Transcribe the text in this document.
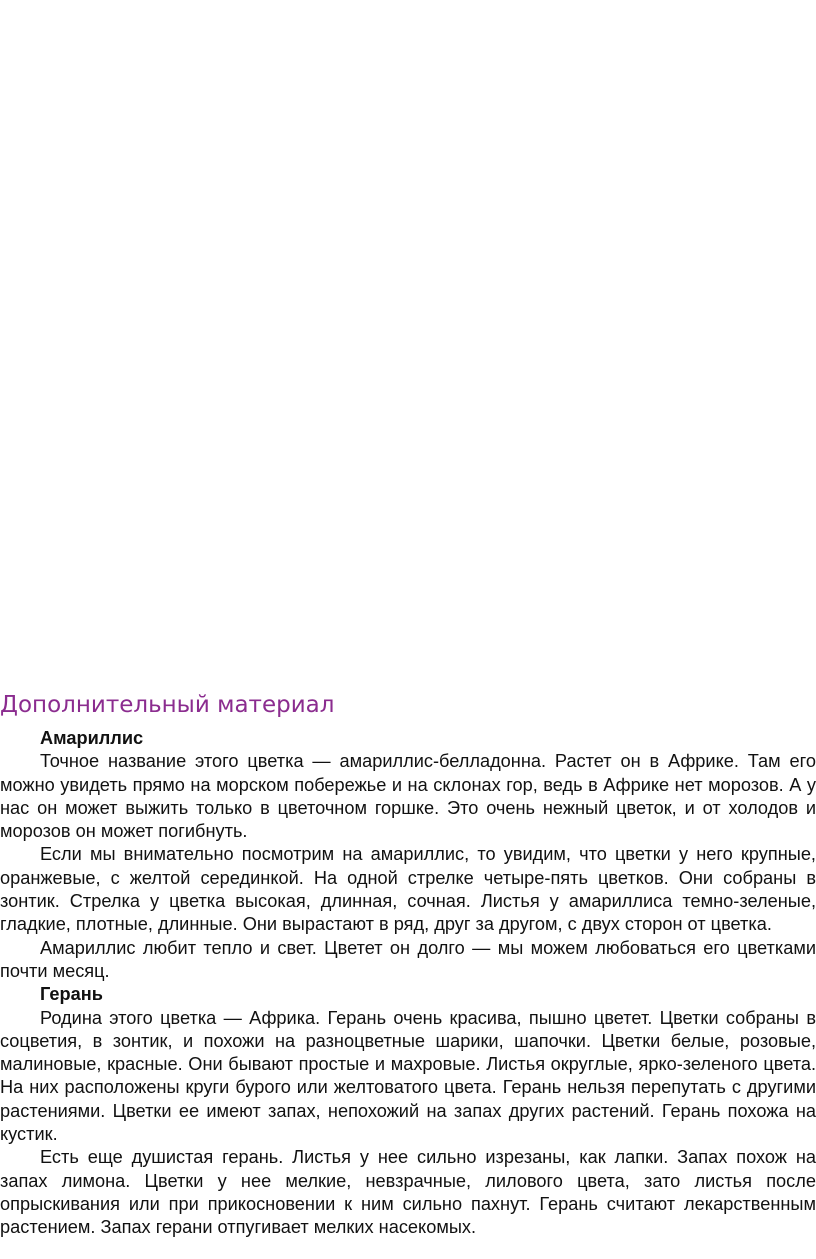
Дополнительный материал

Амариллис

Точное название этого цветка — амариллис-белладонна. Растет он в Африке. Там его можно увидеть прямо на морском побережье и на склонах гор, ведь в Африке нет морозов. А у нас он может выжить только в цветочном горшке. Это очень нежный цветок, и от холодов и морозов он может погибнуть.

Если мы внимательно посмотрим на амариллис, то увидим, что цветки у него крупные, оранжевые, с желтой серединкой. На одной стрелке четыре-пять цветков. Они собраны в зонтик. Стрелка у цветка высокая, длинная, сочная. Листья у амариллиса темно-зеленые, гладкие, плотные, длинные. Они вырастают в ряд, друг за другом, с двух сторон от цветка.

Амариллис любит тепло и свет. Цветет он долго — мы можем любоваться его цветками почти месяц.

Герань

Родина этого цветка — Африка. Герань очень красива, пышно цветет. Цветки собраны в соцветия, в зонтик, и похожи на разноцветные шарики, шапочки. Цветки белые, розовые, малиновые, красные. Они бывают простые и махровые. Листья округлые, ярко-зеленого цвета. На них расположены круги бурого или желтоватого цвета. Герань нельзя перепутать с другими растениями. Цветки ее имеют запах, непохожий на запах других растений. Герань похожа на кустик.

Есть еще душистая герань. Листья у нее сильно изрезаны, как лапки. Запах похож на запах лимона. Цветки у нее мелкие, невзрачные, лилового цвета, зато листья после опрыскивания или при прикосновении к ним сильно пахнут. Герань считают лекарственным растением. Запах герани отпугивает мелких насекомых.
